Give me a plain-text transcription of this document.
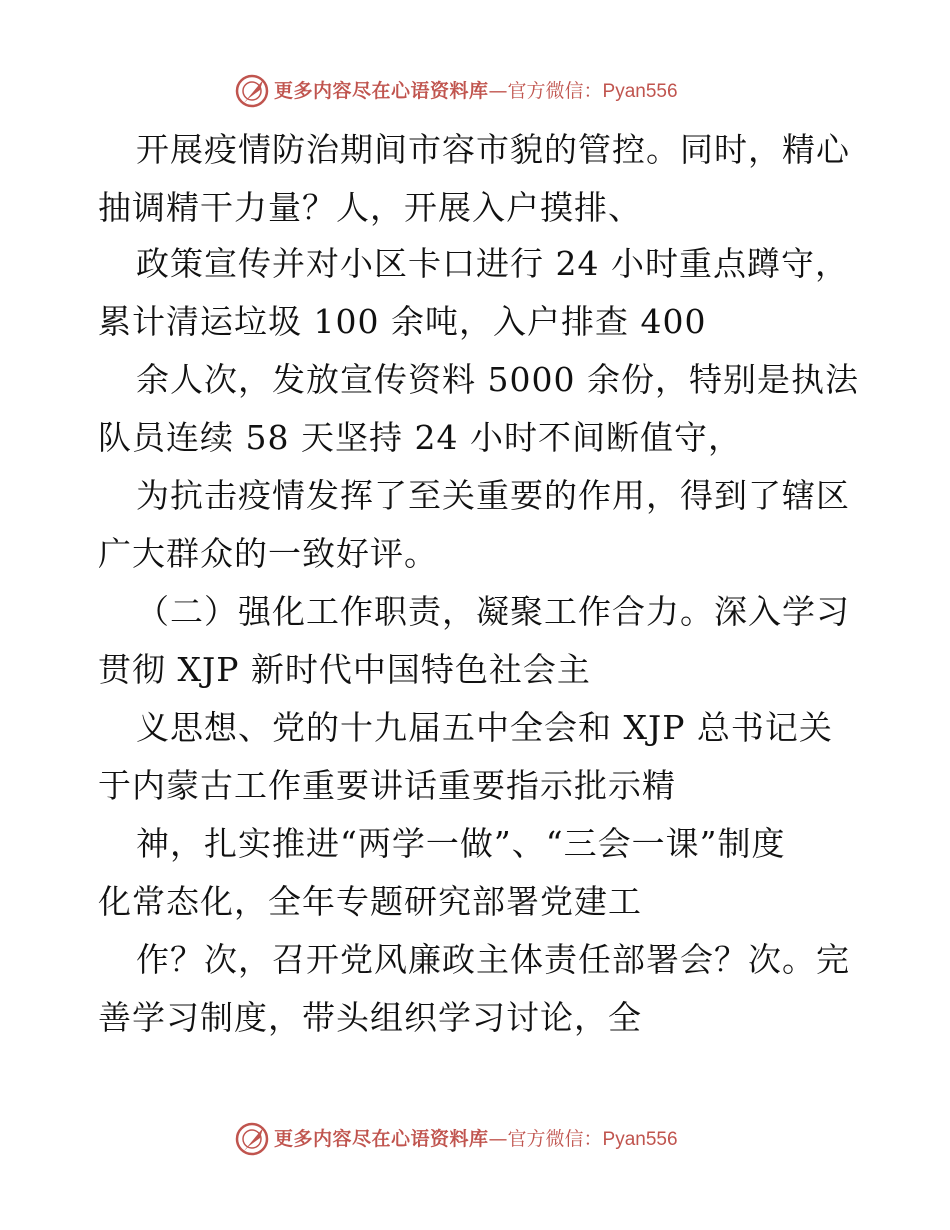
更多内容尽在心语资料库—官方微信：Pyan556
开展疫情防治期间市容市貌的管控。同时，精心
抽调精干力量？人，开展入户摸排、
政策宣传并对小区卡口进行 24 小时重点蹲守，
累计清运垃圾 100 余吨，入户排查 400
余人次，发放宣传资料 5000 余份，特别是执法
队员连续 58 天坚持 24 小时不间断值守，
为抗击疫情发挥了至关重要的作用，得到了辖区
广大群众的一致好评。
（二）强化工作职责，凝聚工作合力。深入学习
贯彻 XJP 新时代中国特色社会主
义思想、党的十九届五中全会和 XJP 总书记关
于内蒙古工作重要讲话重要指示批示精
神，扎实推进“两学一做”、“三会一课”制度
化常态化，全年专题研究部署党建工
作？次，召开党风廉政主体责任部署会？次。完
善学习制度，带头组织学习讨论，全
更多内容尽在心语资料库—官方微信：Pyan556
